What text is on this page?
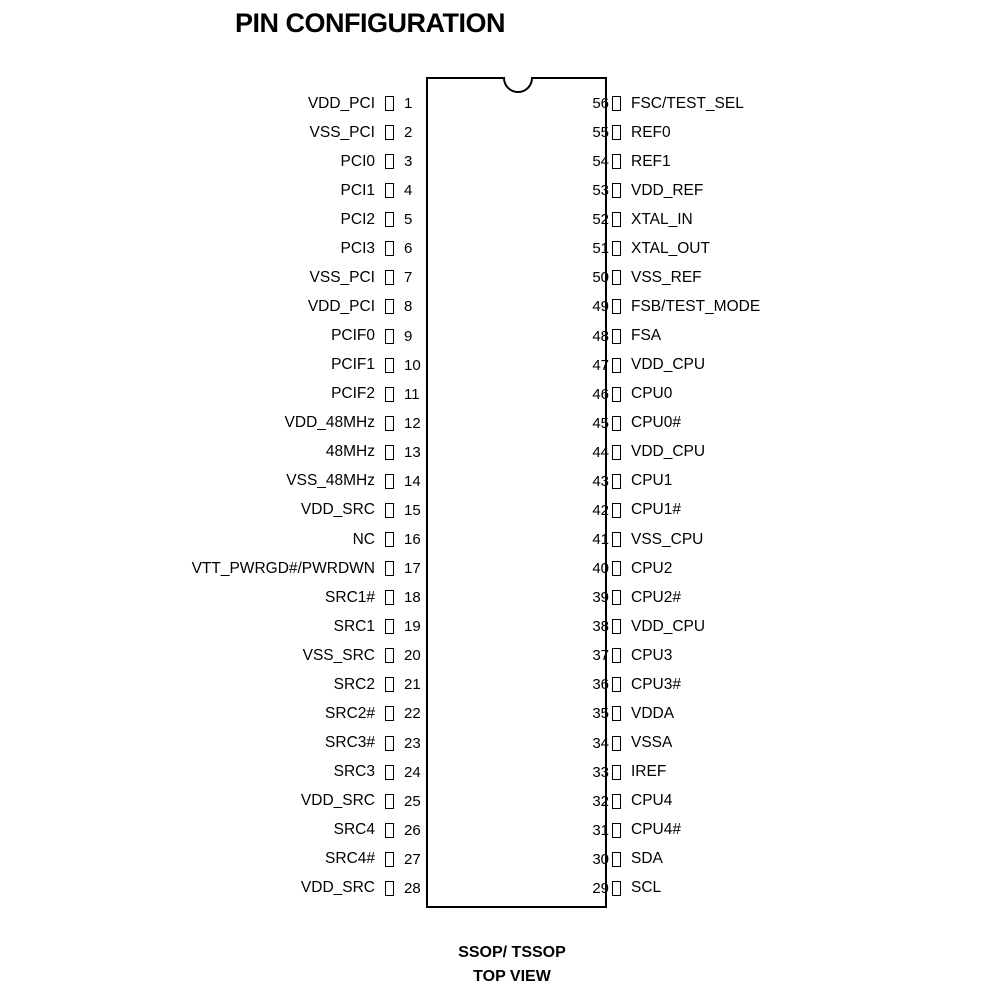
PIN CONFIGURATION
VDD_PCI 1
VSS_PCI 2
PCI0 3
PCI1 4
PCI2 5
PCI3 6
VSS_PCI 7
VDD_PCI 8
PCIF0 9
PCIF1 10
PCIF2 11
VDD_48MHz 12
48MHz 13
VSS_48MHz 14
VDD_SRC 15
NC 16
VTT_PWRGD#/PWRDWN 17
SRC1# 18
SRC1 19
VSS_SRC 20
SRC2 21
SRC2# 22
SRC3# 23
SRC3 24
VDD_SRC 25
SRC4 26
SRC4# 27
VDD_SRC 28
56 FSC/TEST_SEL
55 REF0
54 REF1
53 VDD_REF
52 XTAL_IN
51 XTAL_OUT
50 VSS_REF
49 FSB/TEST_MODE
48 FSA
47 VDD_CPU
46 CPU0
45 CPU0#
44 VDD_CPU
43 CPU1
42 CPU1#
41 VSS_CPU
40 CPU2
39 CPU2#
38 VDD_CPU
37 CPU3
36 CPU3#
35 VDDA
34 VSSA
33 IREF
32 CPU4
31 CPU4#
30 SDA
29 SCL
SSOP/ TSSOP
TOP VIEW
